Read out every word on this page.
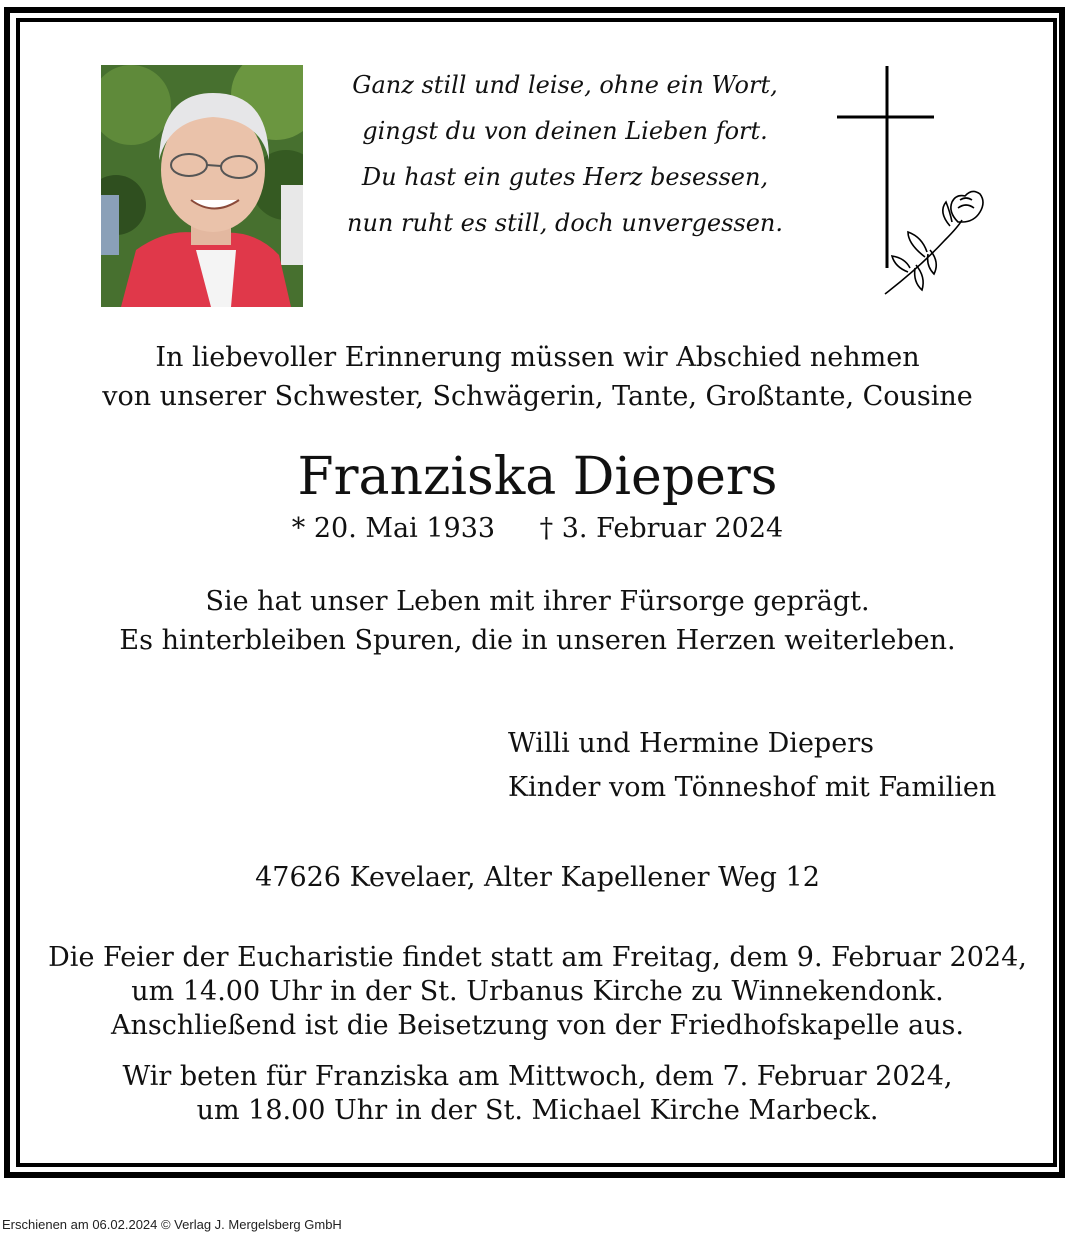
Ganz still und leise, ohne ein Wort,
gingst du von deinen Lieben fort.
Du hast ein gutes Herz besessen,
nun ruht es still, doch unvergessen.
In liebevoller Erinnerung müssen wir Abschied nehmen
von unserer Schwester, Schwägerin, Tante, Großtante, Cousine
Franziska Diepers
* 20. Mai 1933 † 3. Februar 2024
Sie hat unser Leben mit ihrer Fürsorge geprägt.
Es hinterbleiben Spuren, die in unseren Herzen weiterleben.
Willi und Hermine Diepers
Kinder vom Tönneshof mit Familien
47626 Kevelaer, Alter Kapellener Weg 12
Die Feier der Eucharistie findet statt am Freitag, dem 9. Februar 2024,
um 14.00 Uhr in der St. Urbanus Kirche zu Winnekendonk.
Anschließend ist die Beisetzung von der Friedhofskapelle aus.
Wir beten für Franziska am Mittwoch, dem 7. Februar 2024,
um 18.00 Uhr in der St. Michael Kirche Marbeck.
Erschienen am 06.02.2024 © Verlag J. Mergelsberg GmbH
